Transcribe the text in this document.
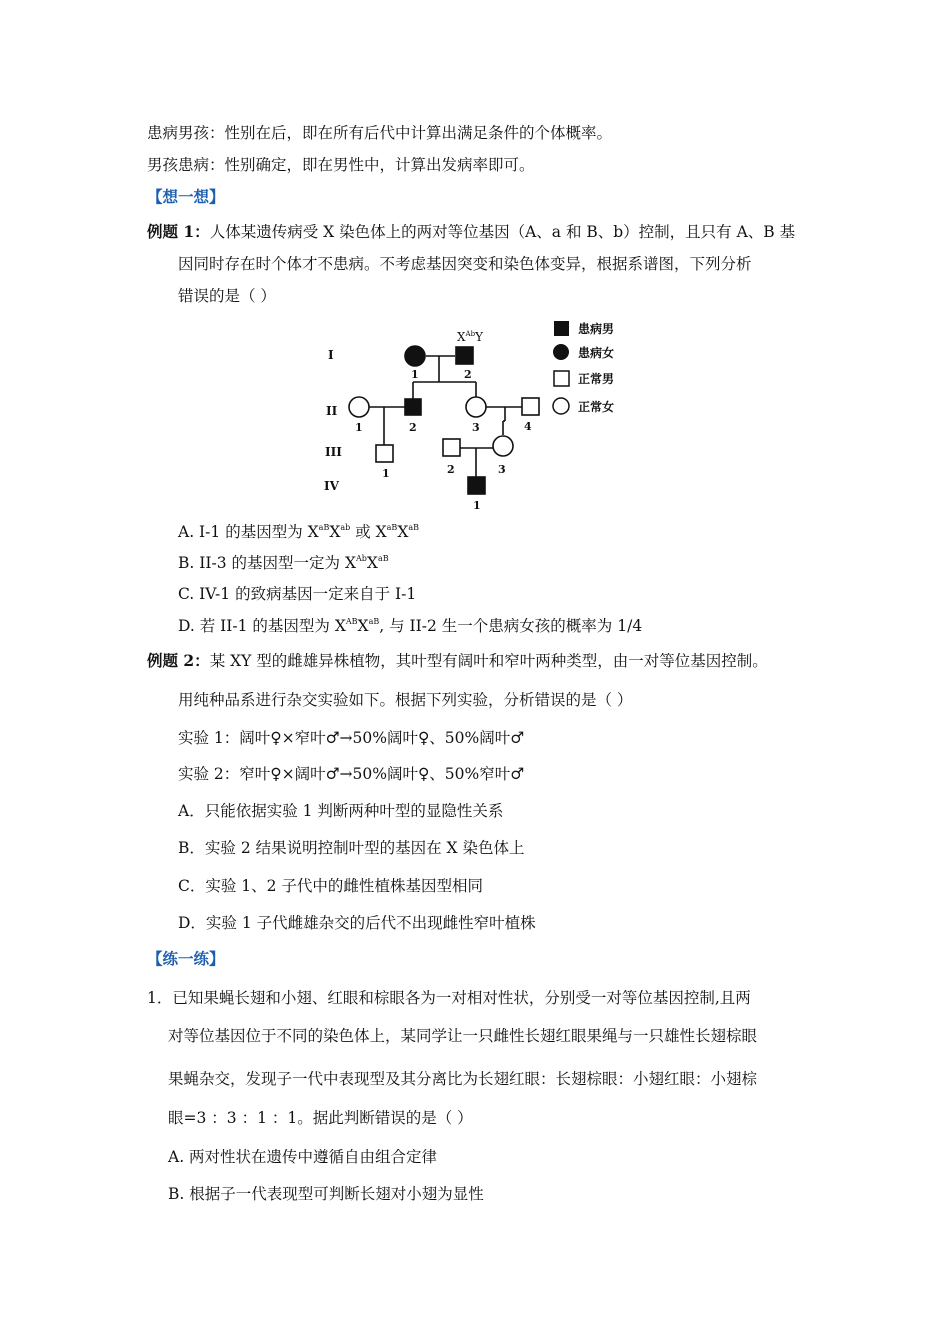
患病男孩：性别在后，即在所有后代中计算出满足条件的个体概率。
男孩患病：性别确定，即在男性中，计算出发病率即可。
【想一想】
例题 1：人体某遗传病受 X 染色体上的两对等位基因（A、a 和 B、b）控制，且只有 A、B 基
因同时存在时个体才不患病。不考虑基因突变和染色体变异，根据系谱图，下列分析
错误的是（ ）
I
II
III
IV
$X^{Ab}Y$
1	2
1	2	3	4
1	2	3
1
患病男
患病女
正常男
正常女
A. I-1 的基因型为 $X^{aB}X^{ab}$ 或 $X^{aB}X^{aB}$
B. II-3 的基因型一定为 $X^{Ab}X^{aB}$
C. IV-1 的致病基因一定来自于 I-1
D. 若 II-1 的基因型为 $X^{AB}X^{aB}$, 与 II-2 生一个患病女孩的概率为 1/4
例题 2：某 XY 型的雌雄异株植物，其叶型有阔叶和窄叶两种类型，由一对等位基因控制。
用纯种品系进行杂交实验如下。根据下列实验，分析错误的是（ ）
实验 1：阔叶♀×窄叶♂→50%阔叶♀、50%阔叶♂
实验 2：窄叶♀×阔叶♂→50%阔叶♀、50%窄叶♂
A．只能依据实验 1 判断两种叶型的显隐性关系
B．实验 2 结果说明控制叶型的基因在 X 染色体上
C．实验 1、2 子代中的雌性植株基因型相同
D．实验 1 子代雌雄杂交的后代不出现雌性窄叶植株
【练一练】
1．已知果蝇长翅和小翅、红眼和棕眼各为一对相对性状，分别受一对等位基因控制,且两
对等位基因位于不同的染色体上，某同学让一只雌性长翅红眼果绳与一只雄性长翅棕眼
果蝇杂交，发现子一代中表现型及其分离比为长翅红眼：长翅棕眼：小翅红眼：小翅棕
眼=3 ：3 ：1 ：1。据此判断错误的是（ ）
A. 两对性状在遗传中遵循自由组合定律
B. 根据子一代表现型可判断长翅对小翅为显性
